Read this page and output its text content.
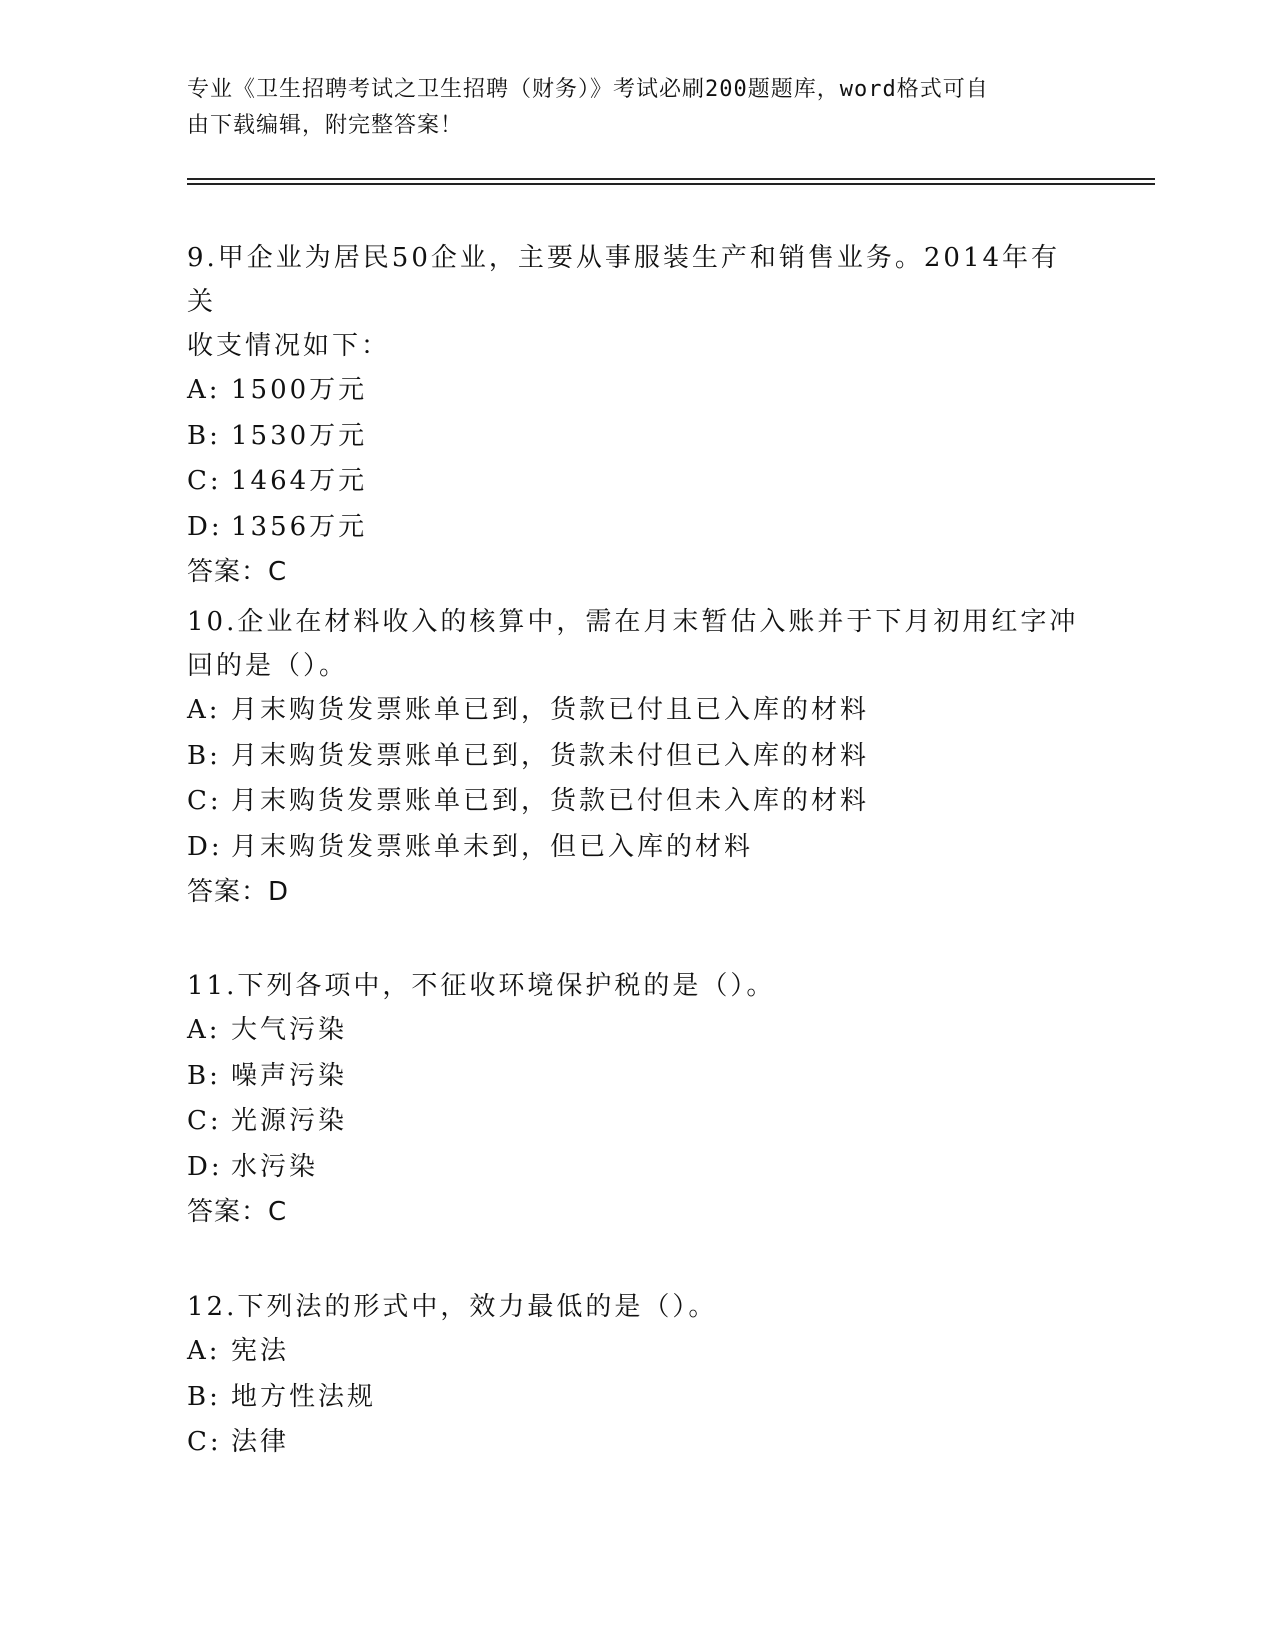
专业《卫生招聘考试之卫生招聘（财务）》考试必刷200题题库，word格式可自
由下载编辑，附完整答案！

9.甲企业为居民50企业，主要从事服装生产和销售业务。2014年有关

收支情况如下：

A: 1500万元

B: 1530万元

C: 1464万元

D: 1356万元

答案：C

10.企业在材料收入的核算中，需在月末暂估入账并于下月初用红字冲

回的是（）。

A: 月末购货发票账单已到，货款已付且已入库的材料

B: 月末购货发票账单已到，货款未付但已入库的材料

C: 月末购货发票账单已到，货款已付但未入库的材料

D: 月末购货发票账单未到，但已入库的材料

答案：D

11.下列各项中，不征收环境保护税的是（）。

A: 大气污染

B: 噪声污染

C: 光源污染

D: 水污染

答案：C

12.下列法的形式中，效力最低的是（）。

A: 宪法

B: 地方性法规

C: 法律
